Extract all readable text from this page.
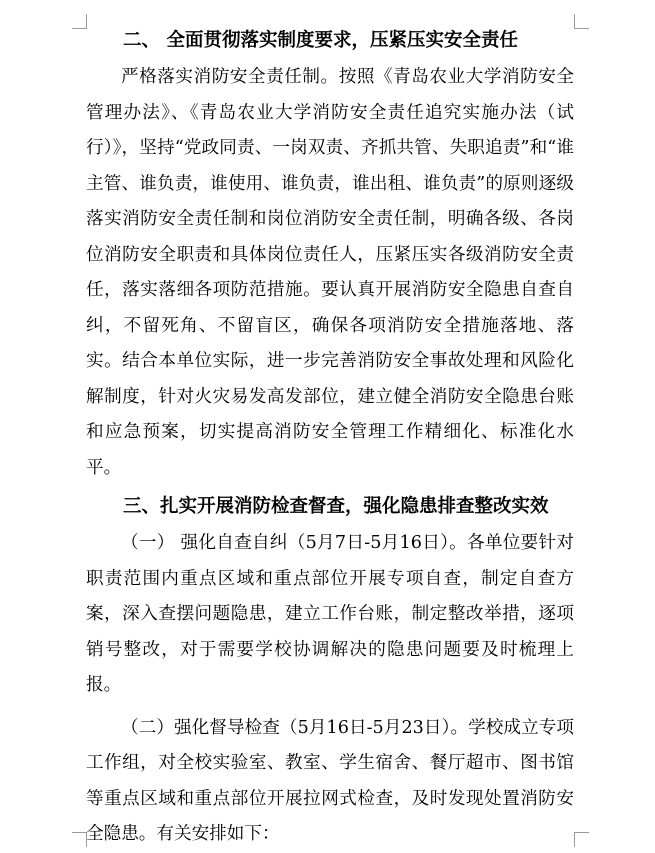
二、 全面贯彻落实制度要求，压紧压实安全责任

严格落实消防安全责任制。按照《青岛农业大学消防安全管理办法》、《青岛农业大学消防安全责任追究实施办法（试行）》，坚持“党政同责、一岗双责、齐抓共管、失职追责”和“谁主管、谁负责，谁使用、谁负责，谁出租、谁负责”的原则逐级落实消防安全责任制和岗位消防安全责任制，明确各级、各岗位消防安全职责和具体岗位责任人，压紧压实各级消防安全责任，落实落细各项防范措施。要认真开展消防安全隐患自查自纠，不留死角、不留盲区，确保各项消防安全措施落地、落实。结合本单位实际，进一步完善消防安全事故处理和风险化解制度，针对火灾易发高发部位，建立健全消防安全隐患台账和应急预案，切实提高消防安全管理工作精细化、标准化水平。

三、扎实开展消防检查督查，强化隐患排查整改实效

（一） 强化自查自纠（5月7日-5月16日）。各单位要针对职责范围内重点区域和重点部位开展专项自查，制定自查方案，深入查摆问题隐患，建立工作台账，制定整改举措，逐项销号整改，对于需要学校协调解决的隐患问题要及时梳理上报。

（二）强化督导检查（5月16日-5月23日）。学校成立专项工作组，对全校实验室、教室、学生宿舍、餐厅超市、图书馆等重点区域和重点部位开展拉网式检查，及时发现处置消防安全隐患。有关安排如下：
